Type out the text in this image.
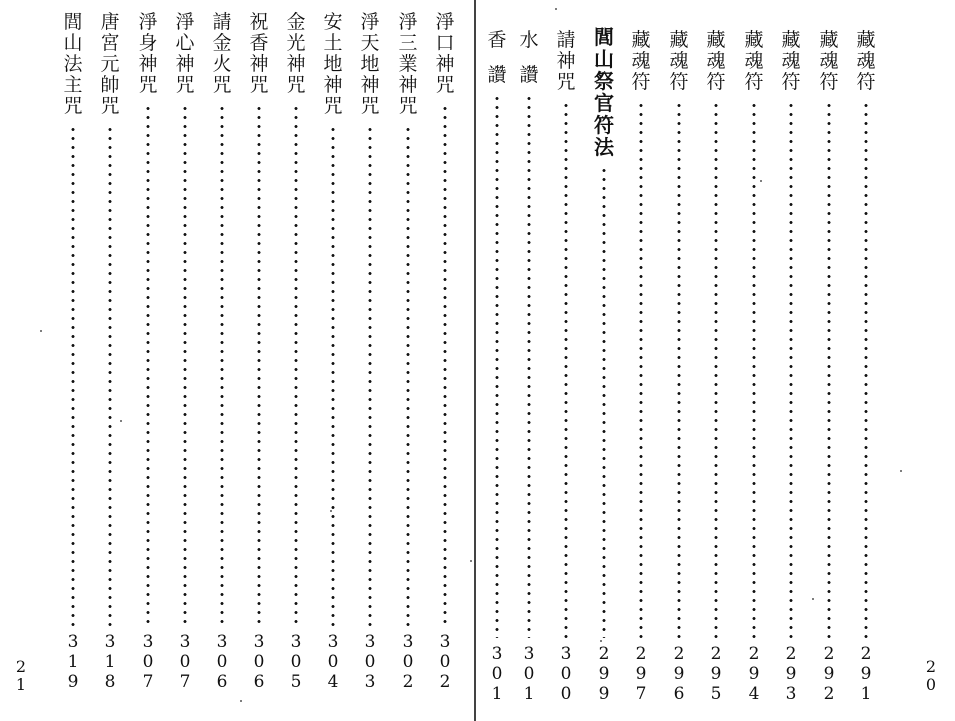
閭
山
法
主
咒
3
1
9
唐
宮
元
帥
咒
3
1
8
淨
身
神
咒
3
0
7
淨
心
神
咒
3
0
7
請
金
火
咒
3
0
6
祝
香
神
咒
3
0
6
金
光
神
咒
3
0
5
安
土
地
神
咒
3
0
4
淨
天
地
神
咒
3
0
3
淨
三
業
神
咒
3
0
2
淨
口
神
咒
3
0
2
香
讚
3
0
1
水
讚
3
0
1
請
神
咒
3
0
0
閭
山
祭
官
符
法
2
9
9
藏
魂
符
2
9
7
藏
魂
符
2
9
6
藏
魂
符
2
9
5
藏
魂
符
2
9
4
藏
魂
符
2
9
3
藏
魂
符
2
9
2
藏
魂
符
2
9
1
2
1
2
0
